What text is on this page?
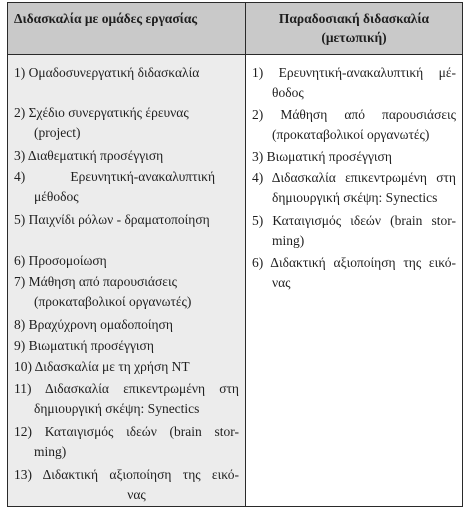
Διδασκαλία με ομάδες εργασίας	Παραδοσιακή διδασκαλία
(μετωπική)
1) Ομαδοσυνεργατική διδασκαλία
2) Σχέδιο συνεργατικής έρευνας
(project)
3) Διαθεματική προσέγγιση
4) Ερευνητική-ανακαλυπτική
μέθοδος
5) Παιχνίδι ρόλων - δραματοποίηση
6) Προσομοίωση
7) Μάθηση από παρουσιάσεις
(προκαταβολικοί οργανωτές)
8) Βραχύχρονη ομαδοποίηση
9) Βιωματική προσέγγιση
10) Διδασκαλία με τη χρήση ΝΤ
11) Διδασκαλία επικεντρωμένη στη
δημιουργική σκέψη: Synectics
12) Καταιγισμός ιδεών (brain stor-
ming)
13) Διδακτική αξιοποίηση της εικό-
νας
1) Ερευνητική-ανακαλυπτική μέ-
θοδος
2) Μάθηση από παρουσιάσεις
(προκαταβολικοί οργανωτές)
3) Βιωματική προσέγγιση
4) Διδασκαλία επικεντρωμένη στη
δημιουργική σκέψη: Synectics
5) Καταιγισμός ιδεών (brain stor-
ming)
6) Διδακτική αξιοποίηση της εικό-
νας
